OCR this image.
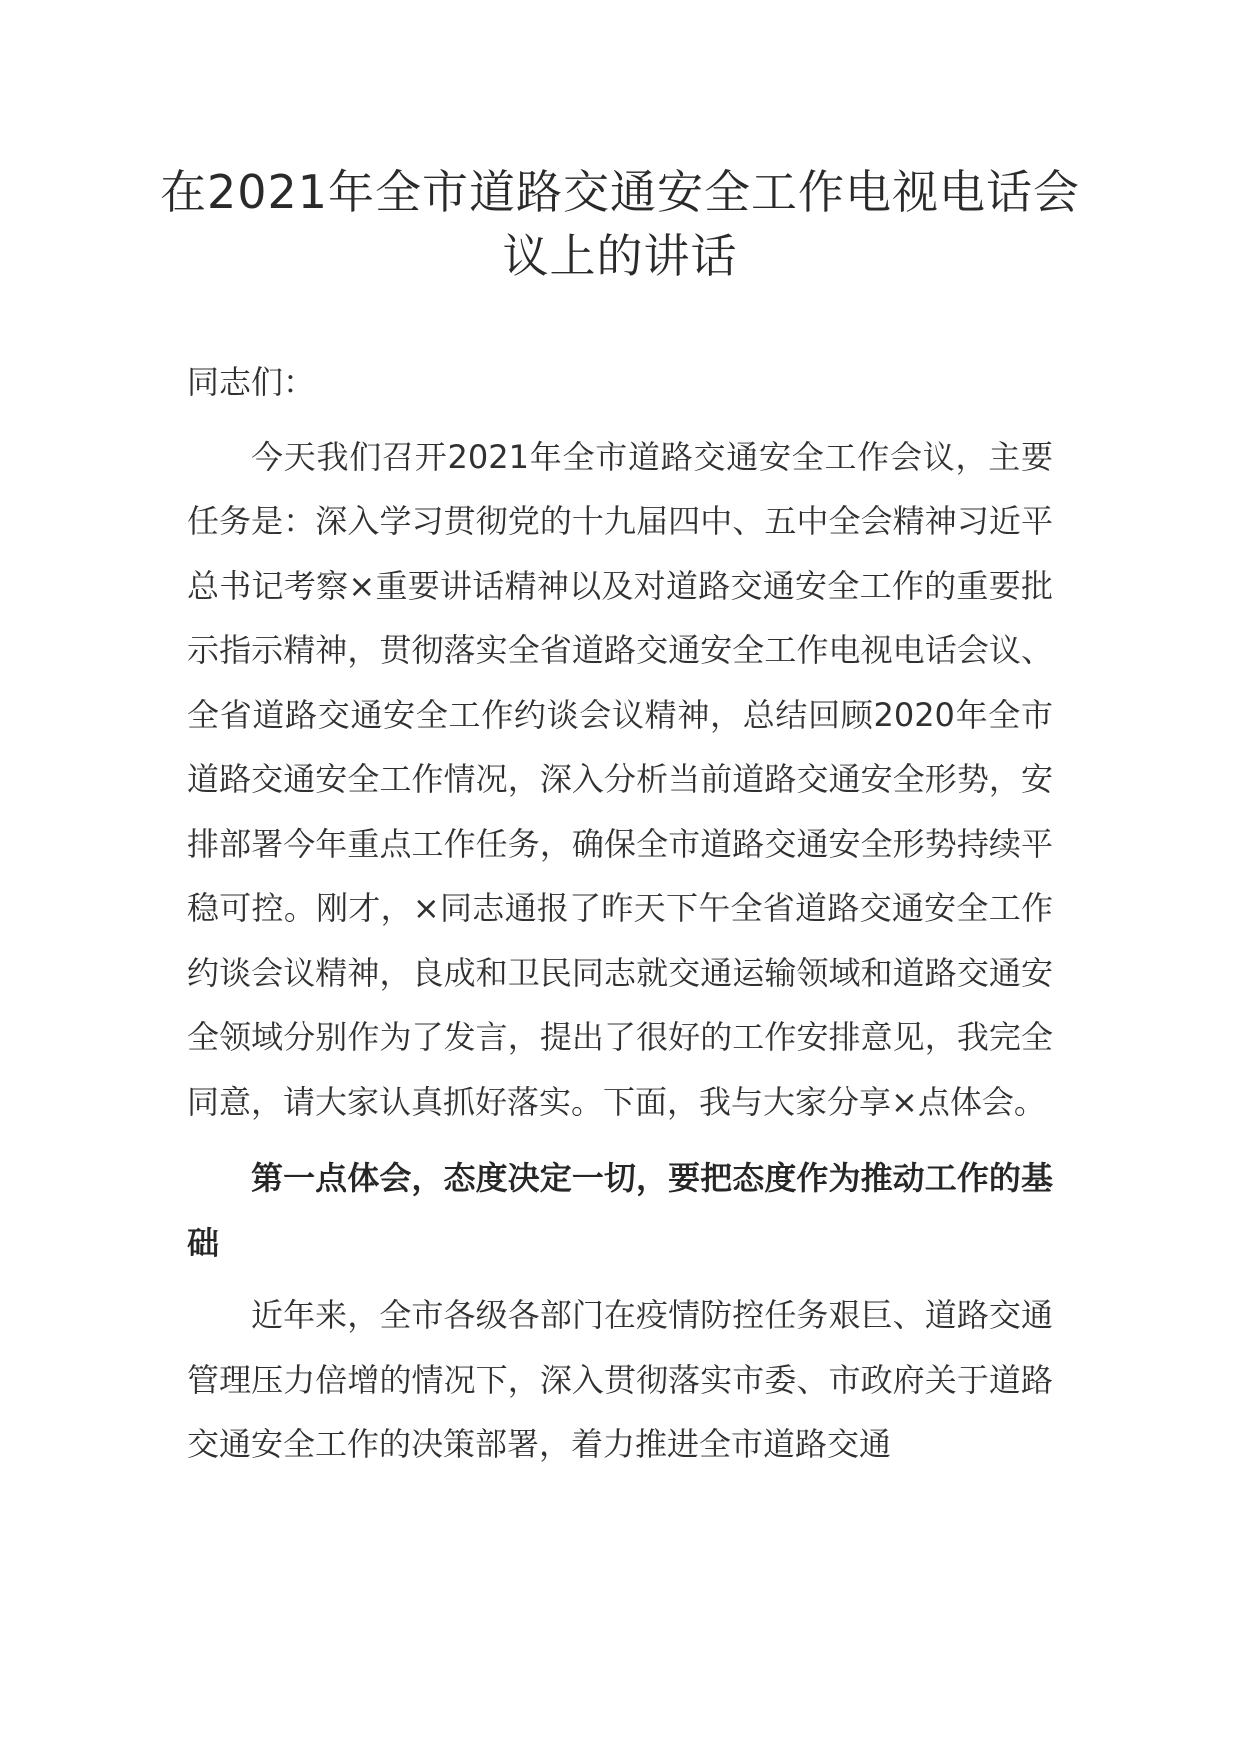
在2021年全市道路交通安全工作电视电话会议上的讲话

同志们：

今天我们召开2021年全市道路交通安全工作会议，主要任务是：深入学习贯彻党的十九届四中、五中全会精神习近平总书记考察×重要讲话精神以及对道路交通安全工作的重要批示指示精神，贯彻落实全省道路交通安全工作电视电话会议、全省道路交通安全工作约谈会议精神，总结回顾2020年全市道路交通安全工作情况，深入分析当前道路交通安全形势，安排部署今年重点工作任务，确保全市道路交通安全形势持续平稳可控。刚才，×同志通报了昨天下午全省道路交通安全工作约谈会议精神，良成和卫民同志就交通运输领域和道路交通安全领域分别作为了发言，提出了很好的工作安排意见，我完全同意，请大家认真抓好落实。下面，我与大家分享×点体会。

第一点体会，态度决定一切，要把态度作为推动工作的基础

近年来，全市各级各部门在疫情防控任务艰巨、道路交通管理压力倍增的情况下，深入贯彻落实市委、市政府关于道路交通安全工作的决策部署，着力推进全市道路交通
